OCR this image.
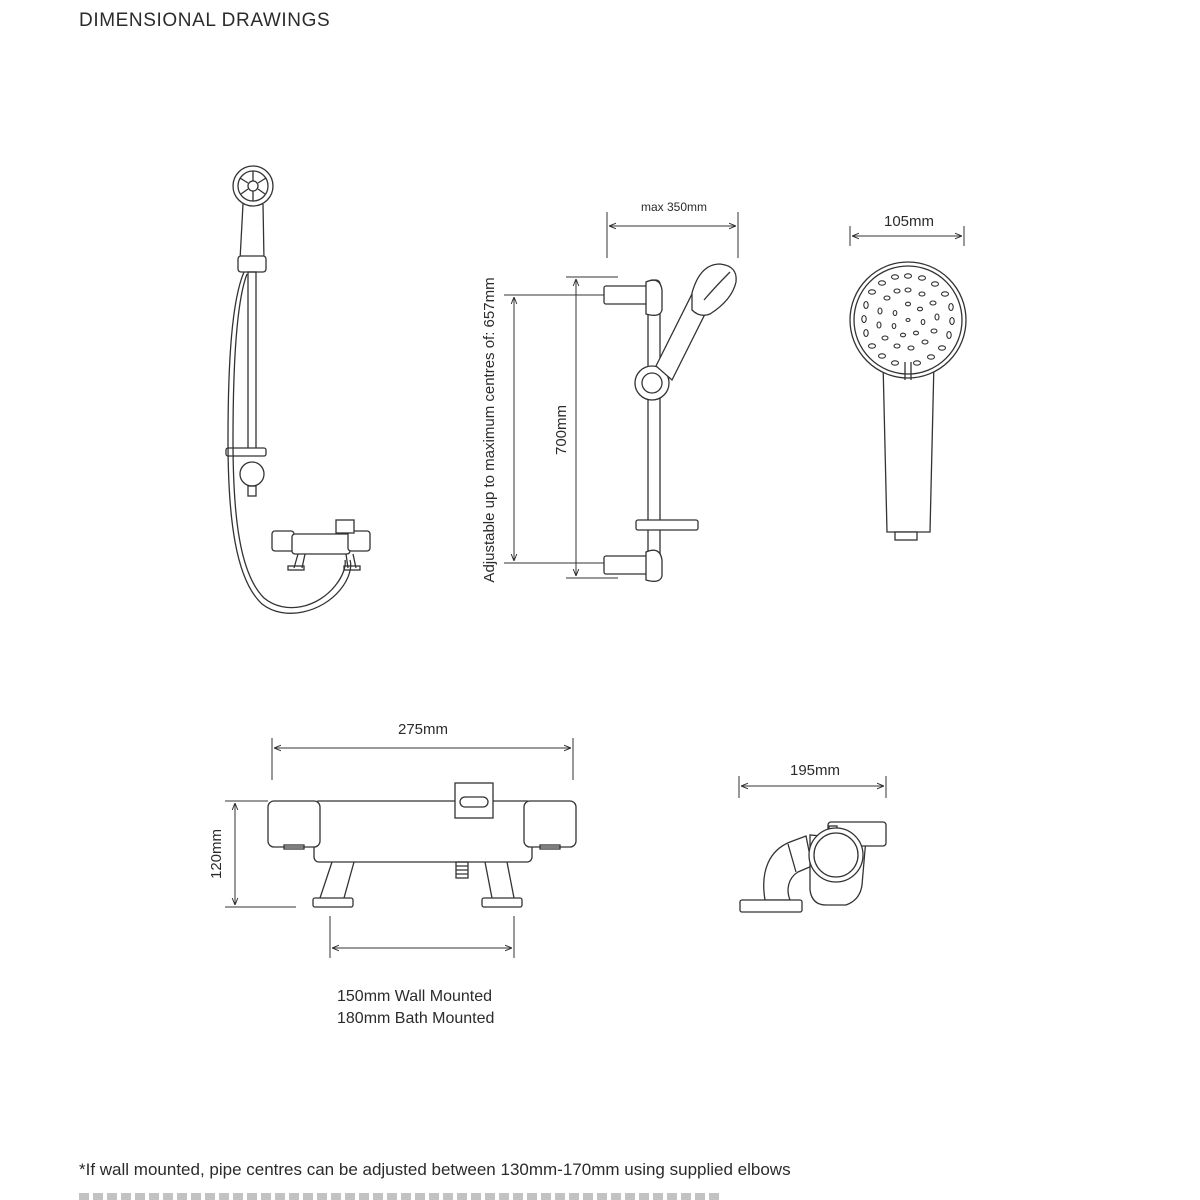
DIMENSIONAL DRAWINGS
max 350mm
Adjustable up to maximum centres of: 657mm	700mm
105mm
275mm
120mm
150mm Wall Mounted
180mm Bath Mounted
195mm

*If wall mounted, pipe centres can be adjusted between 130mm-170mm using supplied elbows
